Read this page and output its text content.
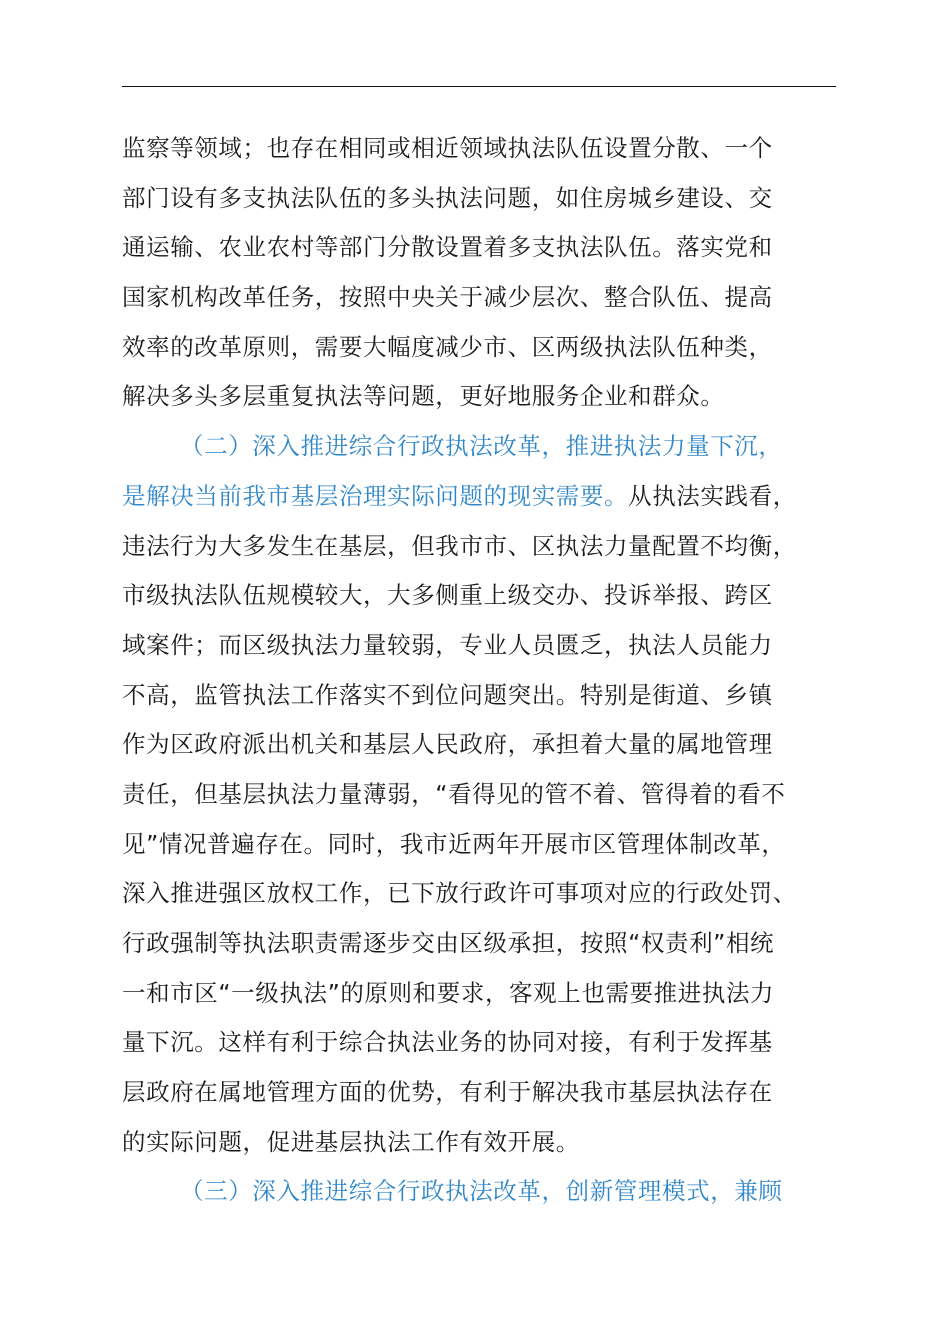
监察等领域；也存在相同或相近领域执法队伍设置分散、一个
部门设有多支执法队伍的多头执法问题，如住房城乡建设、交
通运输、农业农村等部门分散设置着多支执法队伍。落实党和
国家机构改革任务，按照中央关于减少层次、整合队伍、提高
效率的改革原则，需要大幅度减少市、区两级执法队伍种类，
解决多头多层重复执法等问题，更好地服务企业和群众。
（二）深入推进综合行政执法改革，推进执法力量下沉，
是解决当前我市基层治理实际问题的现实需要。从执法实践看，
违法行为大多发生在基层，但我市市、区执法力量配置不均衡，
市级执法队伍规模较大，大多侧重上级交办、投诉举报、跨区
域案件；而区级执法力量较弱，专业人员匮乏，执法人员能力
不高，监管执法工作落实不到位问题突出。特别是街道、乡镇
作为区政府派出机关和基层人民政府，承担着大量的属地管理
责任，但基层执法力量薄弱，“看得见的管不着、管得着的看不
见”情况普遍存在。同时，我市近两年开展市区管理体制改革，
深入推进强区放权工作，已下放行政许可事项对应的行政处罚、
行政强制等执法职责需逐步交由区级承担，按照“权责利”相统
一和市区“一级执法”的原则和要求，客观上也需要推进执法力
量下沉。这样有利于综合执法业务的协同对接，有利于发挥基
层政府在属地管理方面的优势，有利于解决我市基层执法存在
的实际问题，促进基层执法工作有效开展。
（三）深入推进综合行政执法改革，创新管理模式，兼顾
